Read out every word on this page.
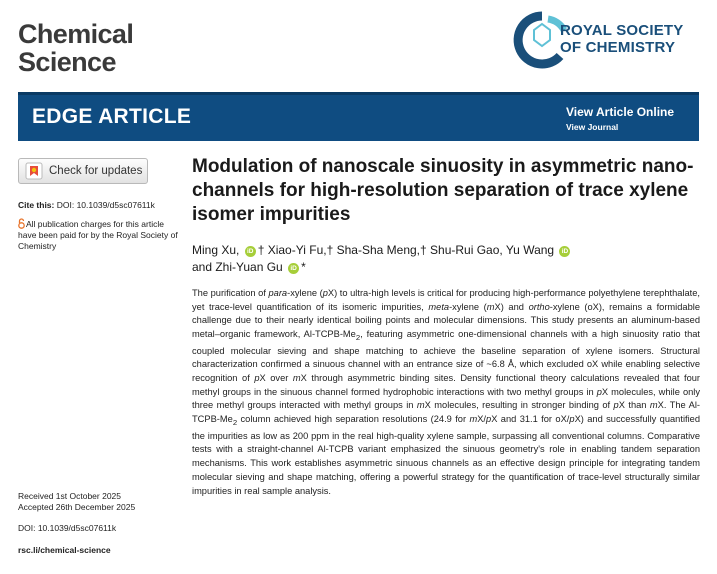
Chemical
Science
ROYAL SOCIETY
OF CHEMISTRY
EDGE ARTICLE	View Article Online
View Journal
Check for updates
Cite this: DOI: 10.1039/d5sc07611k
All publication charges for this article have been paid for by the Royal Society of Chemistry
Received 1st October 2025
Accepted 26th December 2025
DOI: 10.1039/d5sc07611k
rsc.li/chemical-science
Modulation of nanoscale sinuosity in asymmetric nano-channels for high-resolution separation of trace xylene isomer impurities
Ming Xu, iD † Xiao-Yi Fu,† Sha-Sha Meng,† Shu-Rui Gao, Yu Wang iD
and Zhi-Yuan Gu iD *
The purification of para-xylene (pX) to ultra-high levels is critical for producing high-performance polyethylene terephthalate, yet trace-level quantification of its isomeric impurities, meta-xylene (mX) and ortho-xylene (oX), remains a formidable challenge due to their nearly identical boiling points and molecular dimensions. This study presents an aluminum-based metal–organic framework, $Al-TCPB-Me_2$, featuring asymmetric one-dimensional channels with a high sinuosity ratio that coupled molecular sieving and shape matching to achieve the baseline separation of xylene isomers. Structural characterization confirmed a sinuous channel with an entrance size of ~6.8 Å, which excluded oX while enabling selective recognition of pX over mX through asymmetric binding sites. Density functional theory calculations revealed that four methyl groups in the sinuous channel formed hydrophobic interactions with two methyl groups in pX molecules, while only three methyl groups interacted with methyl groups in mX molecules, resulting in stronger binding of pX than mX. The $Al-TCPB-Me_2$ column achieved high separation resolutions (24.9 for mX/pX and 31.1 for oX/pX) and successfully quantified the impurities as low as 200 ppm in the real high-quality xylene sample, surpassing all conventional columns. Comparative tests with a straight-channel Al-TCPB variant emphasized the sinuous geometry's role in enabling tandem separation mechanisms. This work establishes asymmetric sinuous channels as an effective design principle for integrating tandem molecular sieving and shape matching, offering a powerful strategy for the quantification of trace-level structurally similar impurities in real sample analysis.
